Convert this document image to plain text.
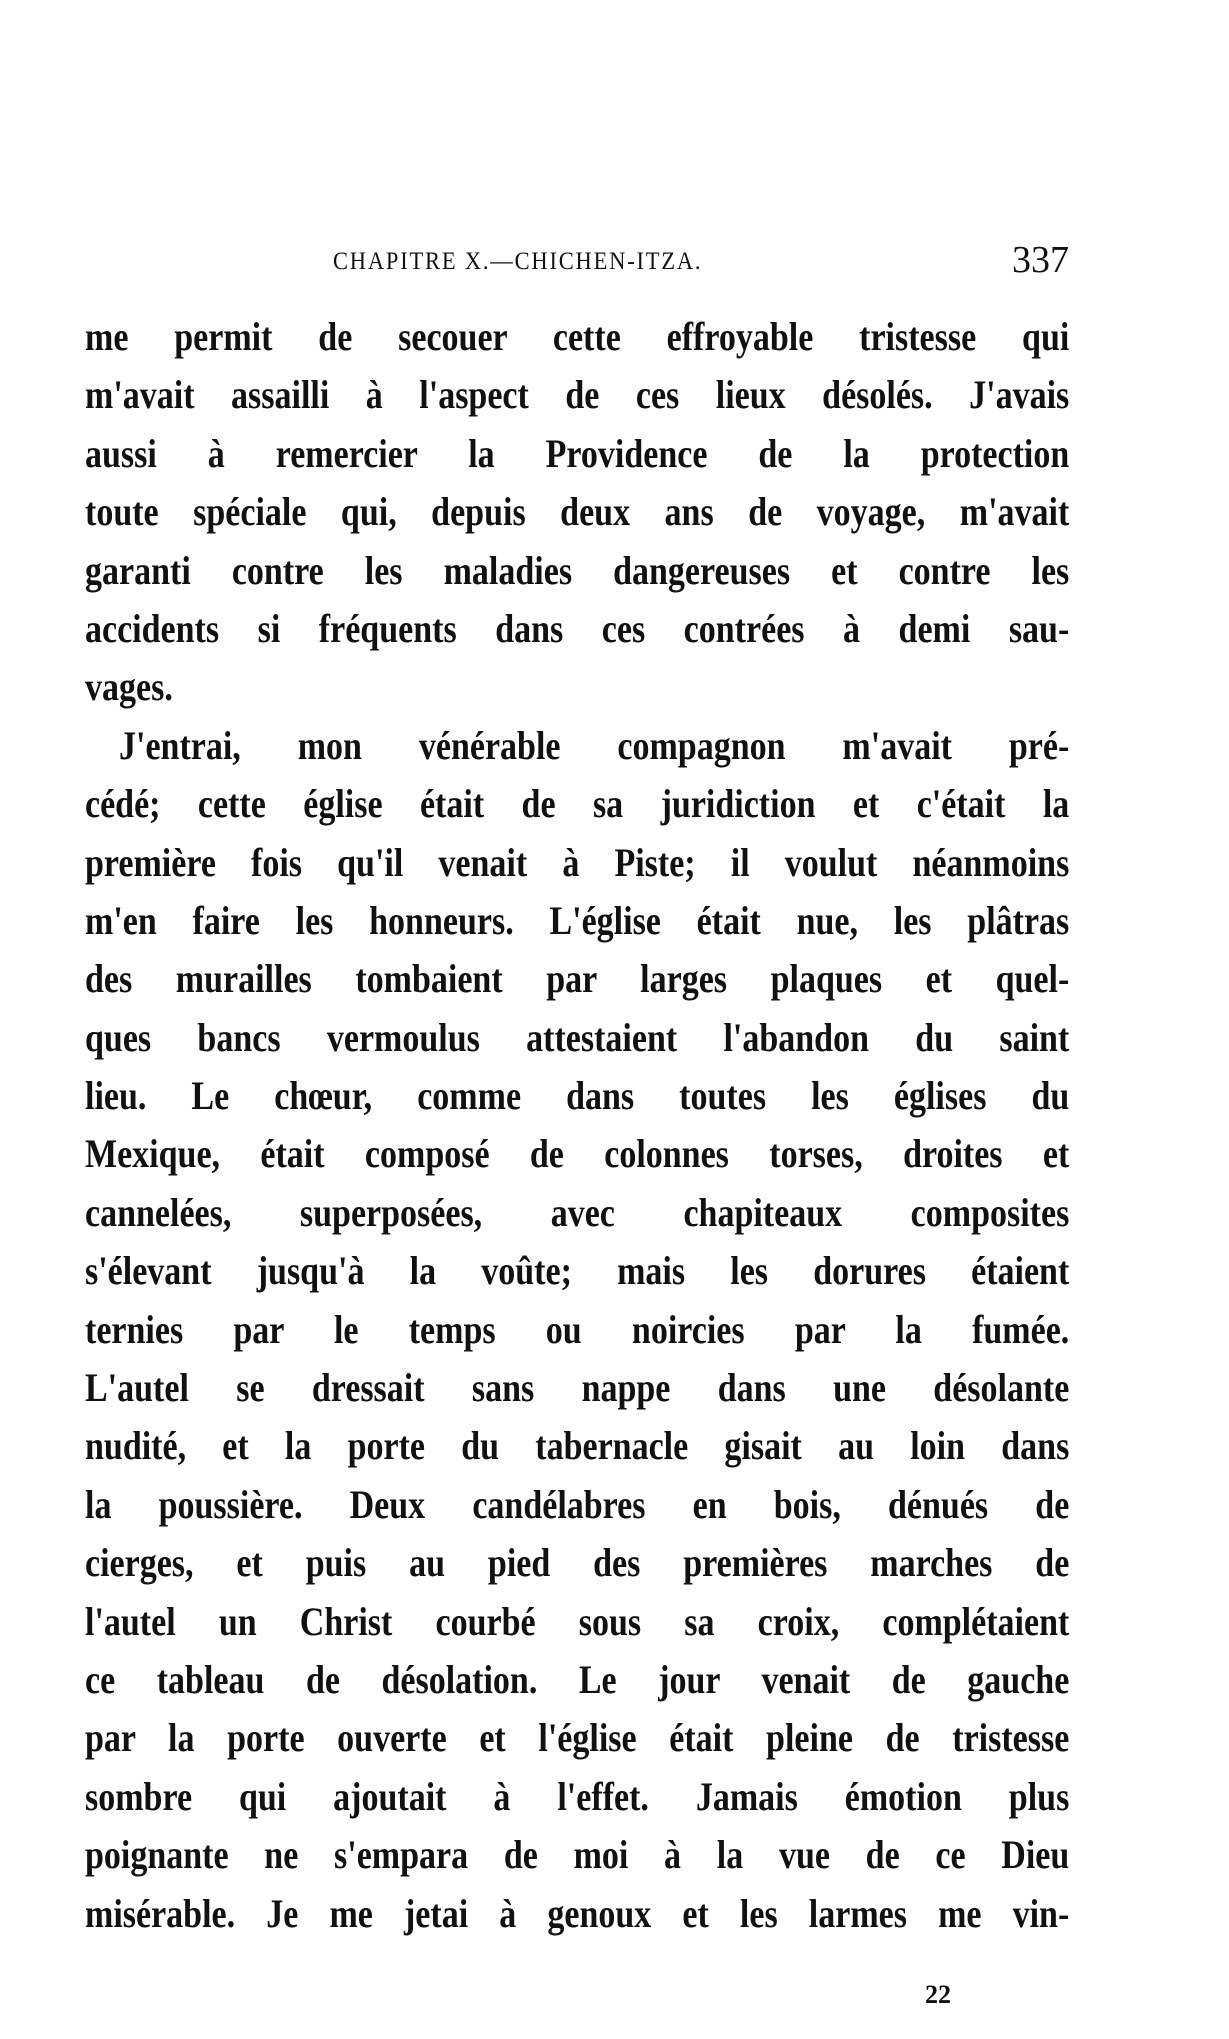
CHAPITRE X.—CHICHEN-ITZA.	337
me permit de secouer cette effroyable tristesse qui
m'avait assailli à l'aspect de ces lieux désolés. J'avais
aussi à remercier la Providence de la protection
toute spéciale qui, depuis deux ans de voyage, m'avait
garanti contre les maladies dangereuses et contre les
accidents si fréquents dans ces contrées à demi sau-
vages.
J'entrai, mon vénérable compagnon m'avait pré-
cédé; cette église était de sa juridiction et c'était la
première fois qu'il venait à Piste; il voulut néanmoins
m'en faire les honneurs. L'église était nue, les plâtras
des murailles tombaient par larges plaques et quel-
ques bancs vermoulus attestaient l'abandon du saint
lieu. Le chœur, comme dans toutes les églises du
Mexique, était composé de colonnes torses, droites et
cannelées, superposées, avec chapiteaux composites
s'élevant jusqu'à la voûte; mais les dorures étaient
ternies par le temps ou noircies par la fumée.
L'autel se dressait sans nappe dans une désolante
nudité, et la porte du tabernacle gisait au loin dans
la poussière. Deux candélabres en bois, dénués de
cierges, et puis au pied des premières marches de
l'autel un Christ courbé sous sa croix, complétaient
ce tableau de désolation. Le jour venait de gauche
par la porte ouverte et l'église était pleine de tristesse
sombre qui ajoutait à l'effet. Jamais émotion plus
poignante ne s'empara de moi à la vue de ce Dieu
misérable. Je me jetai à genoux et les larmes me vin-
22
